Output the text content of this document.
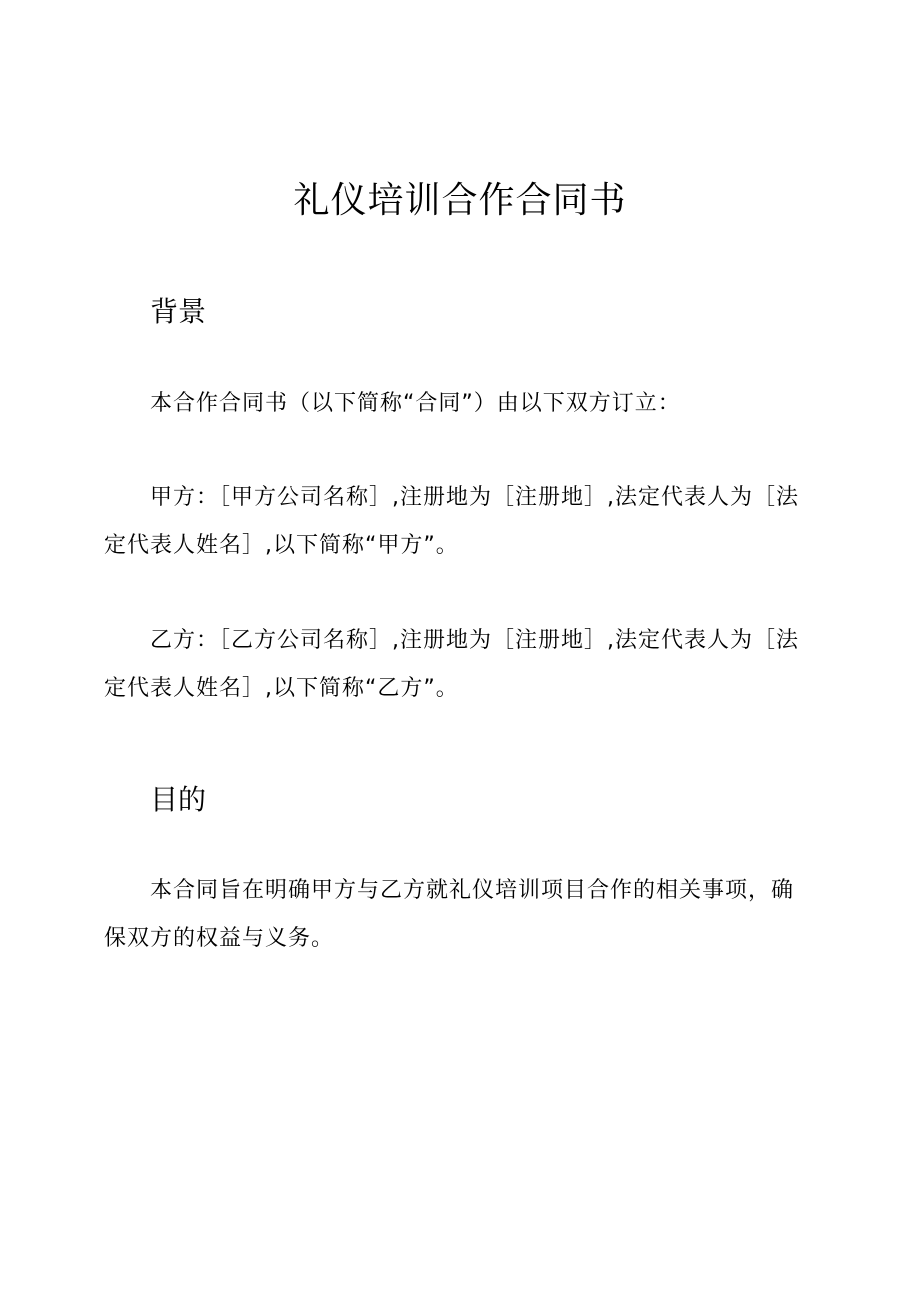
礼仪培训合作合同书
背景

本合作合同书（以下简称“合同”）由以下双方订立：

甲方：［甲方公司名称］,注册地为［注册地］,法定代表人为［法定代表人姓名］,以下简称“甲方”。

乙方：［乙方公司名称］,注册地为［注册地］,法定代表人为［法定代表人姓名］,以下简称“乙方”。

目的

本合同旨在明确甲方与乙方就礼仪培训项目合作的相关事项，确保双方的权益与义务。
